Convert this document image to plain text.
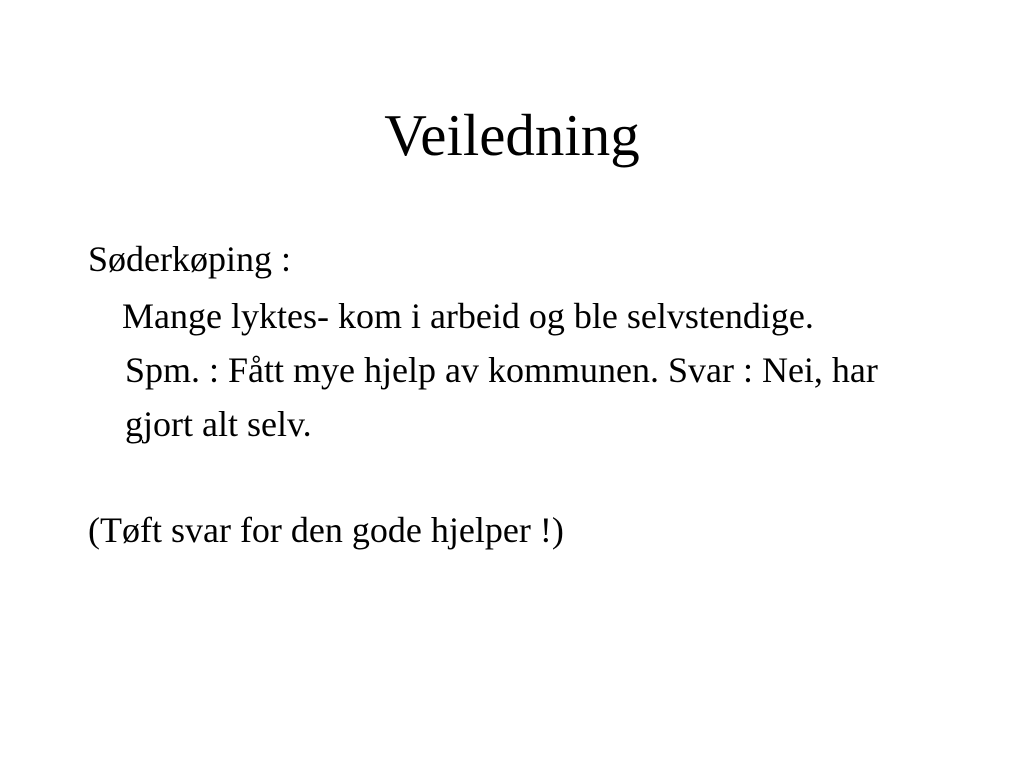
Veiledning

Søderkøping :

Mange lyktes- kom i arbeid og ble selvstendige. Spm. : Fått mye hjelp av kommunen. Svar : Nei, har gjort alt selv.

(Tøft svar for den gode hjelper !)
